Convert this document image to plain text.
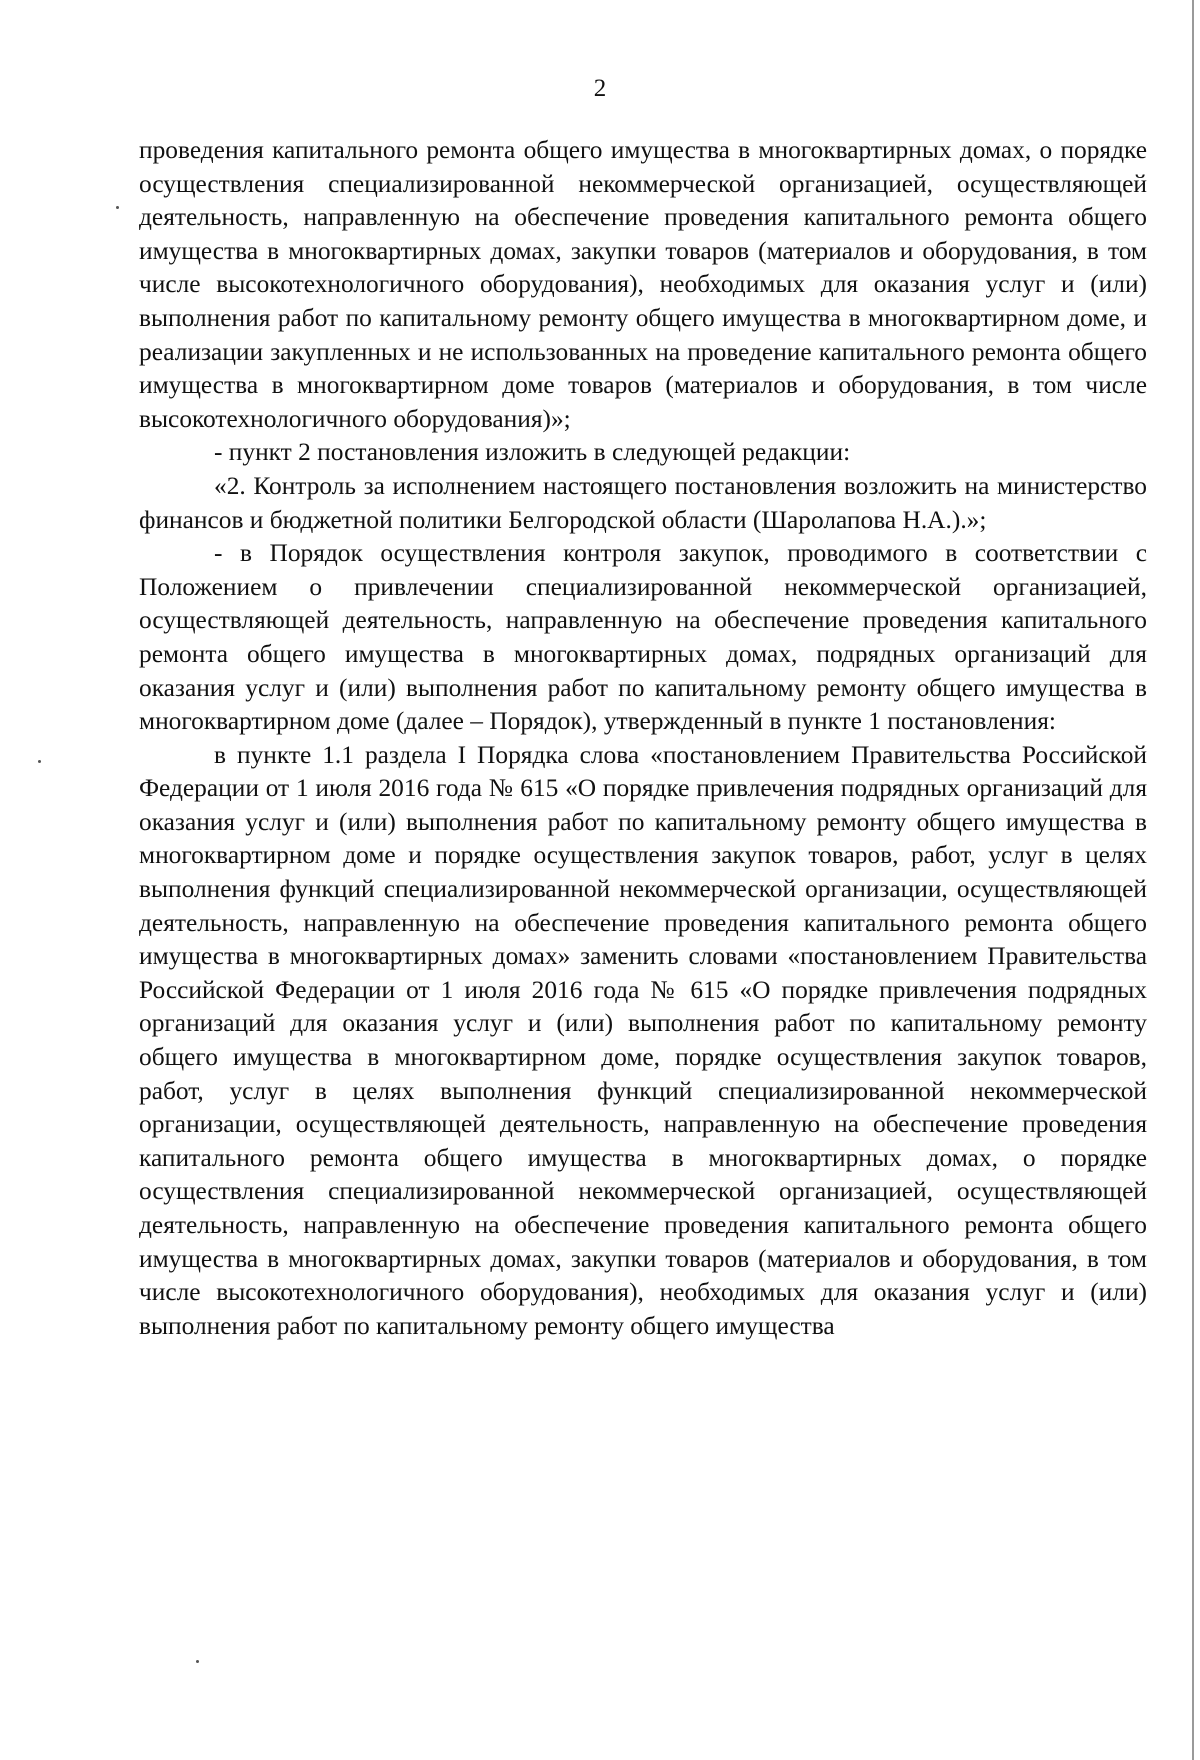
2

проведения капитального ремонта общего имущества в многоквартирных домах, о порядке осуществления специализированной некоммерческой организацией, осуществляющей деятельность, направленную на обеспечение проведения капитального ремонта общего имущества в многоквартирных домах, закупки товаров (материалов и оборудования, в том числе высокотехнологичного оборудования), необходимых для оказания услуг и (или) выполнения работ по капитальному ремонту общего имущества в многоквартирном доме, и реализации закупленных и не использованных на проведение капитального ремонта общего имущества в многоквартирном доме товаров (материалов и оборудования, в том числе высокотехнологичного оборудования)»;

- пункт 2 постановления изложить в следующей редакции:

«2. Контроль за исполнением настоящего постановления возложить на министерство финансов и бюджетной политики Белгородской области (Шаролапова Н.А.).»;

- в Порядок осуществления контроля закупок, проводимого в соответствии с Положением о привлечении специализированной некоммерческой организацией, осуществляющей деятельность, направленную на обеспечение проведения капитального ремонта общего имущества в многоквартирных домах, подрядных организаций для оказания услуг и (или) выполнения работ по капитальному ремонту общего имущества в многоквартирном доме (далее – Порядок), утвержденный в пункте 1 постановления:

в пункте 1.1 раздела I Порядка слова «постановлением Правительства Российской Федерации от 1 июля 2016 года № 615 «О порядке привлечения подрядных организаций для оказания услуг и (или) выполнения работ по капитальному ремонту общего имущества в многоквартирном доме и порядке осуществления закупок товаров, работ, услуг в целях выполнения функций специализированной некоммерческой организации, осуществляющей деятельность, направленную на обеспечение проведения капитального ремонта общего имущества в многоквартирных домах» заменить словами «постановлением Правительства Российской Федерации от 1 июля 2016 года № 615 «О порядке привлечения подрядных организаций для оказания услуг и (или) выполнения работ по капитальному ремонту общего имущества в многоквартирном доме, порядке осуществления закупок товаров, работ, услуг в целях выполнения функций специализированной некоммерческой организации, осуществляющей деятельность, направленную на обеспечение проведения капитального ремонта общего имущества в многоквартирных домах, о порядке осуществления специализированной некоммерческой организацией, осуществляющей деятельность, направленную на обеспечение проведения капитального ремонта общего имущества в многоквартирных домах, закупки товаров (материалов и оборудования, в том числе высокотехнологичного оборудования), необходимых для оказания услуг и (или) выполнения работ по капитальному ремонту общего имущества
